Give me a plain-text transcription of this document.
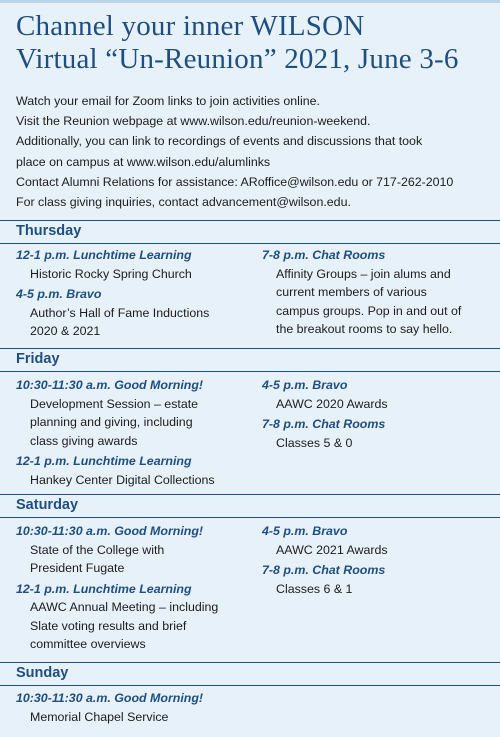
Channel your inner WILSON
Virtual “Un-Reunion” 2021, June 3-6
Watch your email for Zoom links to join activities online.
Visit the Reunion webpage at www.wilson.edu/reunion-weekend.
Additionally, you can link to recordings of events and discussions that took
place on campus at www.wilson.edu/alumlinks
Contact Alumni Relations for assistance: ARoffice@wilson.edu or 717-262-2010
For class giving inquiries, contact advancement@wilson.edu.
Thursday
12-1 p.m. Lunchtime Learning
Historic Rocky Spring Church
4-5 p.m. Bravo
Author’s Hall of Fame Inductions
2020 & 2021
7-8 p.m. Chat Rooms
Affinity Groups – join alums and
current members of various
campus groups. Pop in and out of
the breakout rooms to say hello.
Friday
10:30-11:30 a.m. Good Morning!
Development Session – estate
planning and giving, including
class giving awards
12-1 p.m. Lunchtime Learning
Hankey Center Digital Collections
4-5 p.m. Bravo
AAWC 2020 Awards
7-8 p.m. Chat Rooms
Classes 5 & 0
Saturday
10:30-11:30 a.m. Good Morning!
State of the College with
President Fugate
12-1 p.m. Lunchtime Learning
AAWC Annual Meeting – including
Slate voting results and brief
committee overviews
4-5 p.m. Bravo
AAWC 2021 Awards
7-8 p.m. Chat Rooms
Classes 6 & 1
Sunday
10:30-11:30 a.m. Good Morning!
Memorial Chapel Service
